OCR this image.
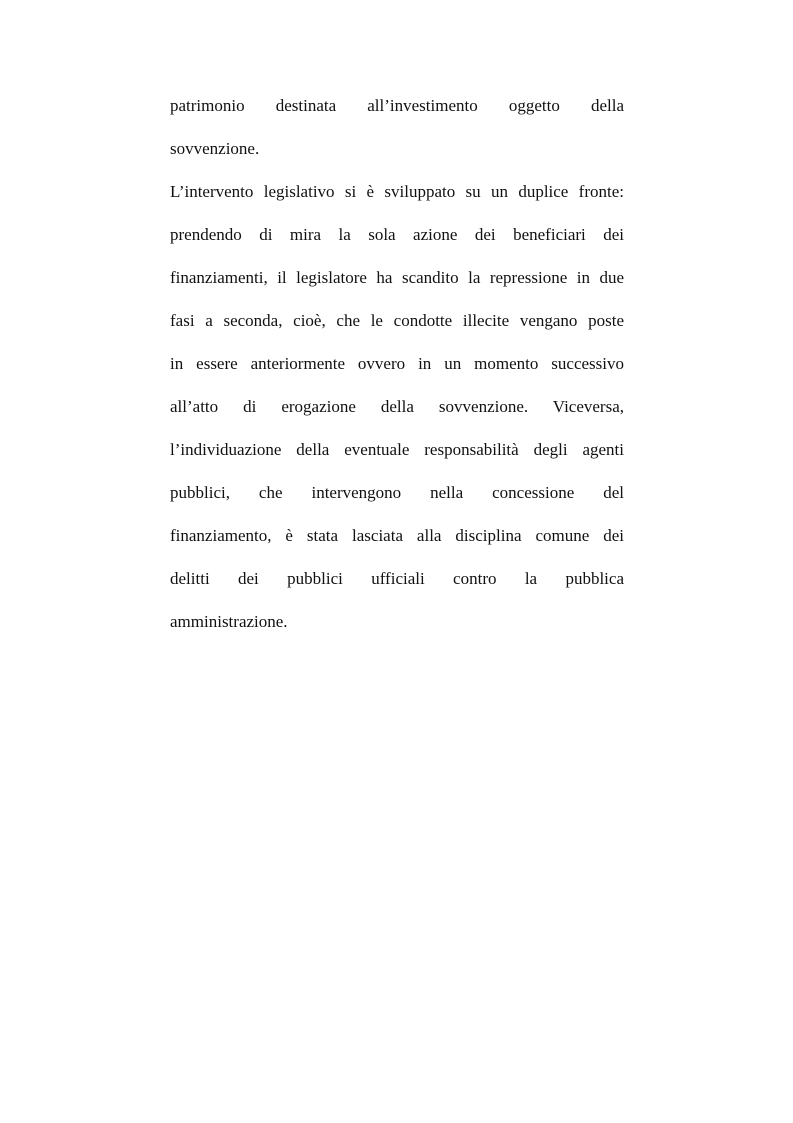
patrimonio destinata all’investimento oggetto della
sovvenzione.
L’intervento legislativo si è sviluppato su un duplice fronte:
prendendo di mira la sola azione dei beneficiari dei
finanziamenti, il legislatore ha scandito la repressione in due
fasi a seconda, cioè, che le condotte illecite vengano poste
in essere anteriormente ovvero in un momento successivo
all’atto di erogazione della sovvenzione. Viceversa,
l’individuazione della eventuale responsabilità degli agenti
pubblici, che intervengono nella concessione del
finanziamento, è stata lasciata alla disciplina comune dei
delitti dei pubblici ufficiali contro la pubblica
amministrazione.
